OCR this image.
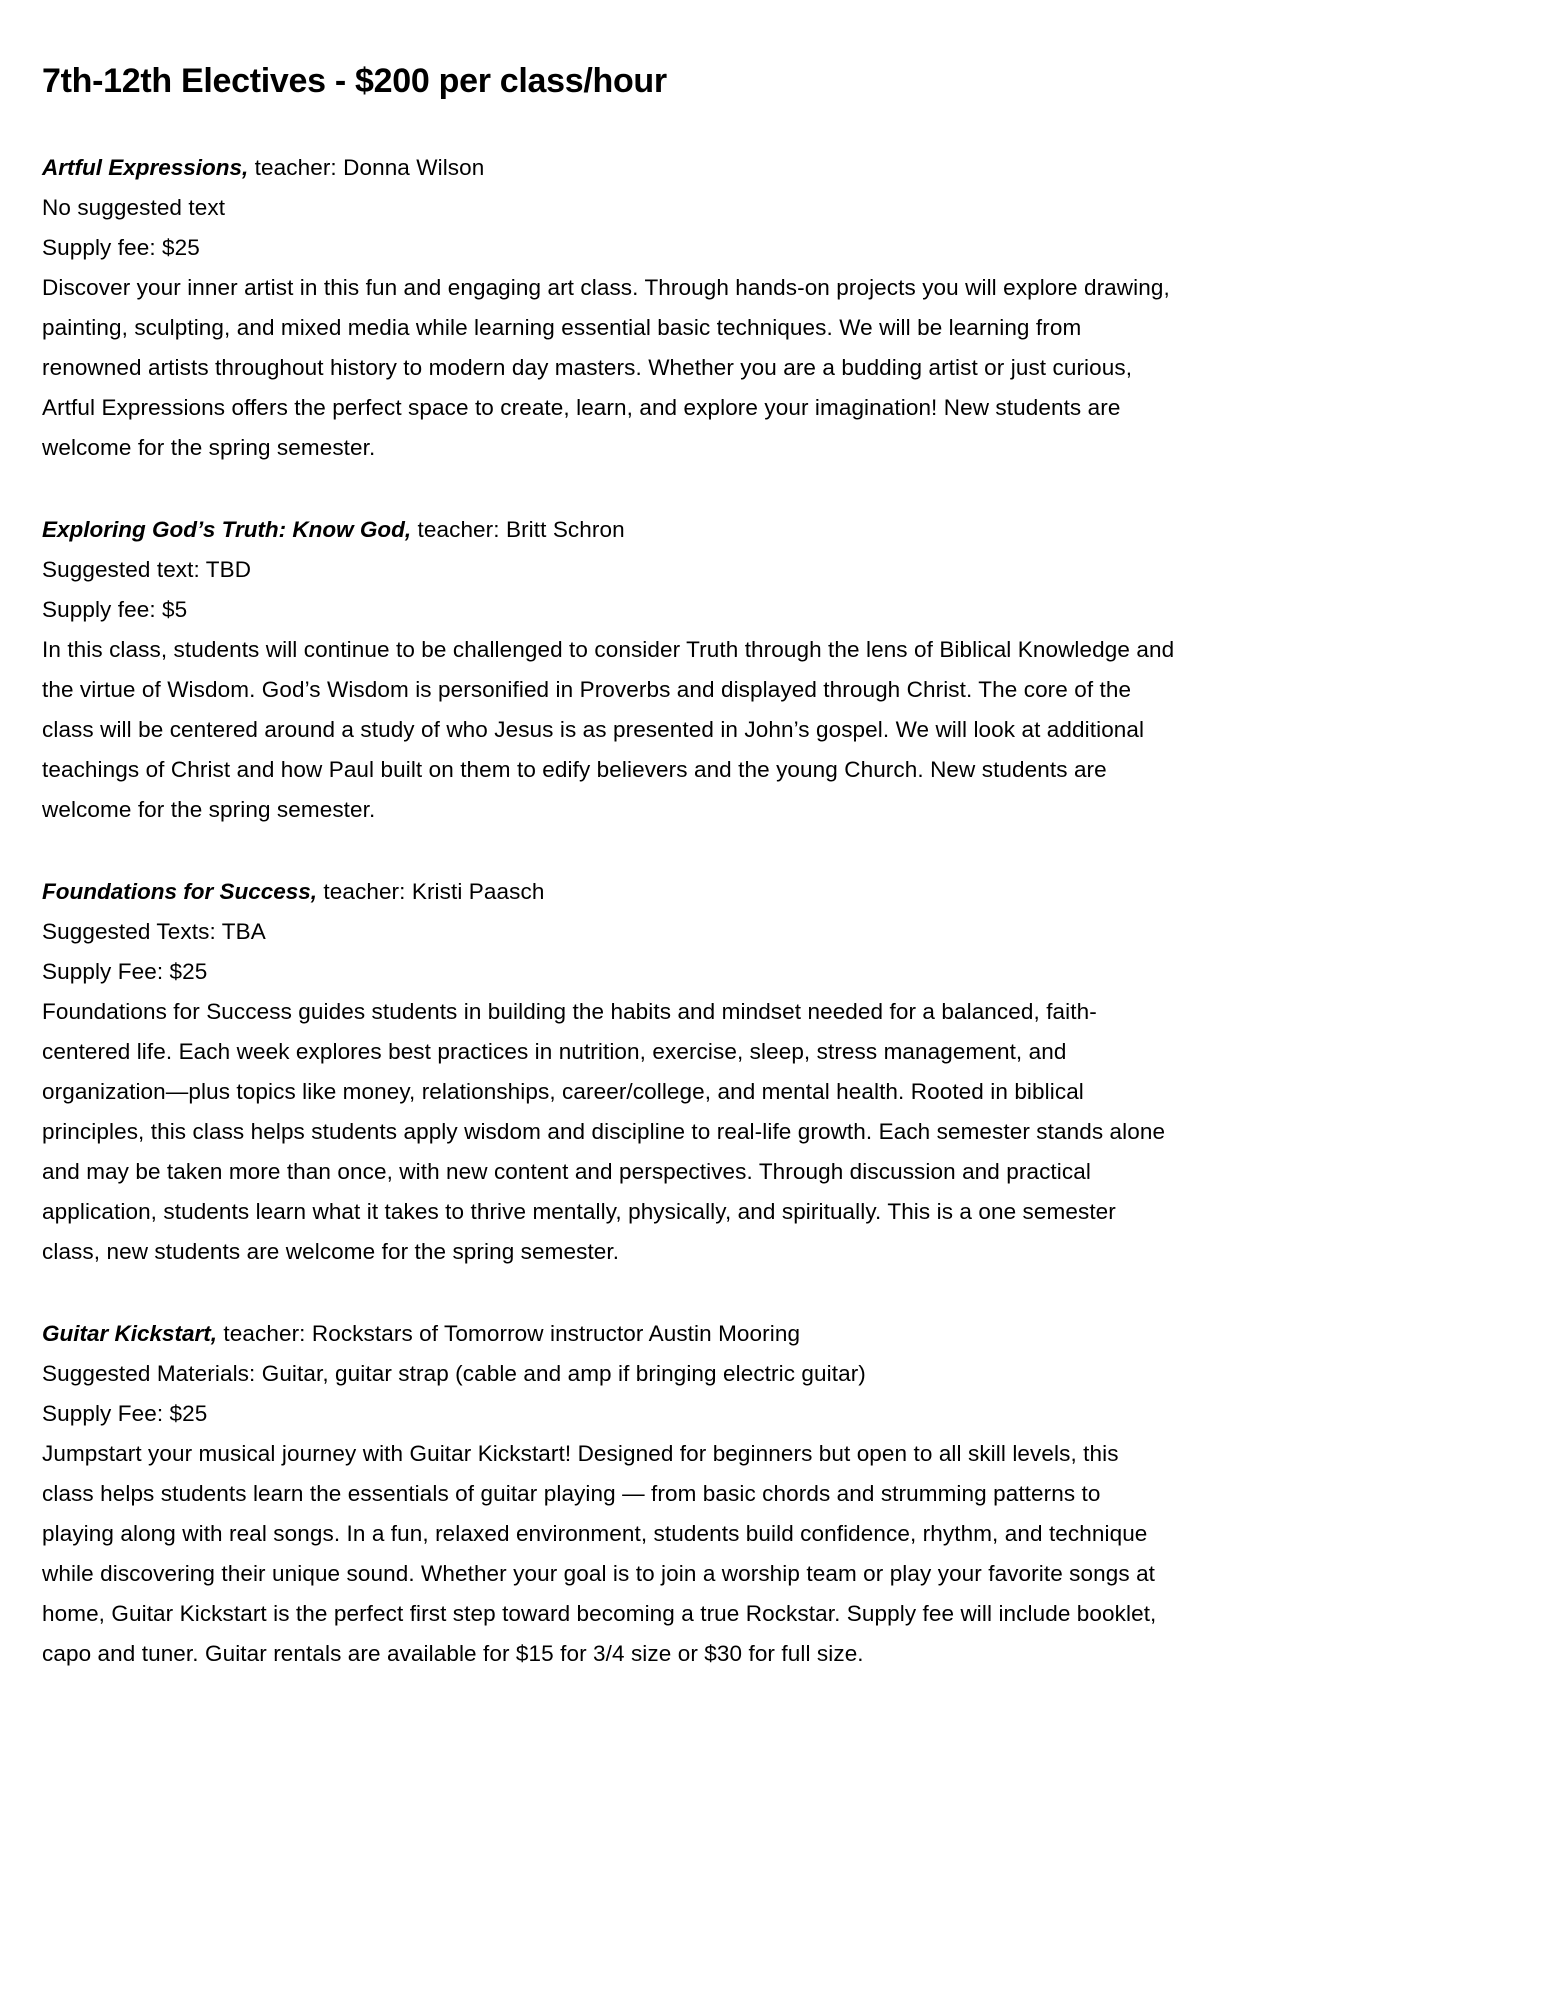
7th-12th Electives - $200 per class/hour

Artful Expressions, teacher: Donna Wilson

No suggested text

Supply fee: $25

Discover your inner artist in this fun and engaging art class. Through hands-on projects you will explore drawing, painting, sculpting, and mixed media while learning essential basic techniques. We will be learning from renowned artists throughout history to modern day masters. Whether you are a budding artist or just curious, Artful Expressions offers the perfect space to create, learn, and explore your imagination! New students are welcome for the spring semester.

Exploring God’s Truth: Know God, teacher: Britt Schron

Suggested text: TBD

Supply fee: $5

In this class, students will continue to be challenged to consider Truth through the lens of Biblical Knowledge and the virtue of Wisdom. God’s Wisdom is personified in Proverbs and displayed through Christ. The core of the class will be centered around a study of who Jesus is as presented in John’s gospel. We will look at additional teachings of Christ and how Paul built on them to edify believers and the young Church. New students are welcome for the spring semester.

Foundations for Success, teacher: Kristi Paasch

Suggested Texts: TBA

Supply Fee: $25

Foundations for Success guides students in building the habits and mindset needed for a balanced, faith-centered life. Each week explores best practices in nutrition, exercise, sleep, stress management, and organization—plus topics like money, relationships, career/college, and mental health. Rooted in biblical principles, this class helps students apply wisdom and discipline to real-life growth. Each semester stands alone and may be taken more than once, with new content and perspectives. Through discussion and practical application, students learn what it takes to thrive mentally, physically, and spiritually. This is a one semester class, new students are welcome for the spring semester.

Guitar Kickstart, teacher: Rockstars of Tomorrow instructor Austin Mooring

Suggested Materials: Guitar, guitar strap (cable and amp if bringing electric guitar)

Supply Fee: $25

Jumpstart your musical journey with Guitar Kickstart! Designed for beginners but open to all skill levels, this class helps students learn the essentials of guitar playing — from basic chords and strumming patterns to playing along with real songs. In a fun, relaxed environment, students build confidence, rhythm, and technique while discovering their unique sound. Whether your goal is to join a worship team or play your favorite songs at home, Guitar Kickstart is the perfect first step toward becoming a true Rockstar. Supply fee will include booklet, capo and tuner. Guitar rentals are available for $15 for 3/4 size or $30 for full size.
